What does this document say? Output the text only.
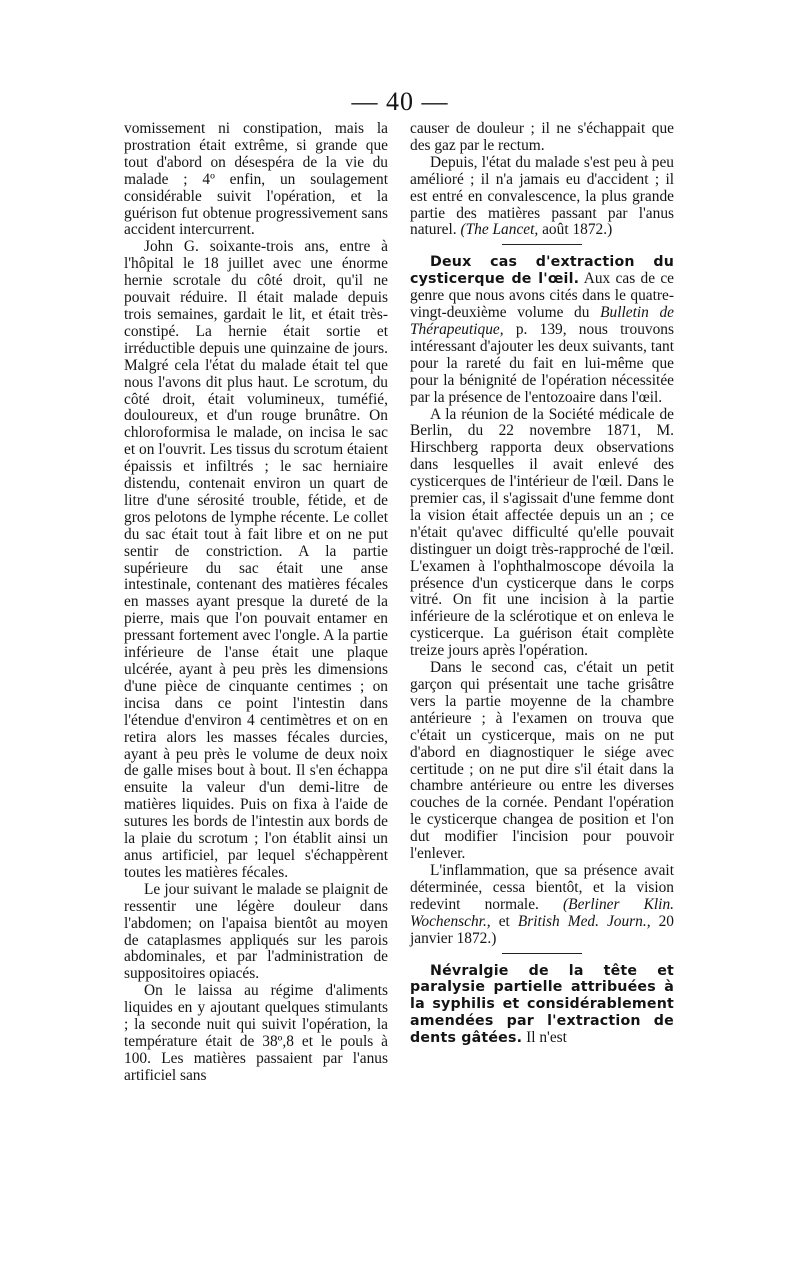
— 40 —

vomissement ni constipation, mais la prostration était extrême, si grande que tout d'abord on désespéra de la vie du malade ; 4º enfin, un soulagement considérable suivit l'opération, et la guérison fut obtenue progressivement sans accident intercurrent.

John G. soixante-trois ans, entre à l'hôpital le 18 juillet avec une énorme hernie scrotale du côté droit, qu'il ne pouvait réduire. Il était malade depuis trois semaines, gardait le lit, et était très-constipé. La hernie était sortie et irréductible depuis une quinzaine de jours. Malgré cela l'état du malade était tel que nous l'avons dit plus haut. Le scrotum, du côté droit, était volumineux, tuméfié, douloureux, et d'un rouge brunâtre. On chloroformisa le malade, on incisa le sac et on l'ouvrit. Les tissus du scrotum étaient épaissis et infiltrés ; le sac herniaire distendu, contenait environ un quart de litre d'une sérosité trouble, fétide, et de gros pelotons de lymphe récente. Le collet du sac était tout à fait libre et on ne put sentir de constriction. A la partie supérieure du sac était une anse intestinale, contenant des matières fécales en masses ayant presque la dureté de la pierre, mais que l'on pouvait entamer en pressant fortement avec l'ongle. A la partie inférieure de l'anse était une plaque ulcérée, ayant à peu près les dimensions d'une pièce de cinquante centimes ; on incisa dans ce point l'intestin dans l'étendue d'environ 4 centimètres et on en retira alors les masses fécales durcies, ayant à peu près le volume de deux noix de galle mises bout à bout. Il s'en échappa ensuite la valeur d'un demi-litre de matières liquides. Puis on fixa à l'aide de sutures les bords de l'intestin aux bords de la plaie du scrotum ; l'on établit ainsi un anus artificiel, par lequel s'échappèrent toutes les matières fécales.

Le jour suivant le malade se plaignit de ressentir une légère douleur dans l'abdomen; on l'apaisa bientôt au moyen de cataplasmes appliqués sur les parois abdominales, et par l'administration de suppositoires opiacés.

On le laissa au régime d'aliments liquides en y ajoutant quelques stimulants ; la seconde nuit qui suivit l'opération, la température était de 38º,8 et le pouls à 100. Les matières passaient par l'anus artificiel sans

causer de douleur ; il ne s'échappait que des gaz par le rectum.

Depuis, l'état du malade s'est peu à peu amélioré ; il n'a jamais eu d'accident ; il est entré en convalescence, la plus grande partie des matières passant par l'anus naturel. (The Lancet, août 1872.)

Deux cas d'extraction du cysticerque de l'œil. Aux cas de ce genre que nous avons cités dans le quatre-vingt-deuxième volume du Bulletin de Thérapeutique, p. 139, nous trouvons intéressant d'ajouter les deux suivants, tant pour la rareté du fait en lui-même que pour la bénignité de l'opération nécessitée par la présence de l'entozoaire dans l'œil.

A la réunion de la Société médicale de Berlin, du 22 novembre 1871, M. Hirschberg rapporta deux observations dans lesquelles il avait enlevé des cysticerques de l'intérieur de l'œil. Dans le premier cas, il s'agissait d'une femme dont la vision était affectée depuis un an ; ce n'était qu'avec difficulté qu'elle pouvait distinguer un doigt très-rapproché de l'œil. L'examen à l'ophthalmoscope dévoila la présence d'un cysticerque dans le corps vitré. On fit une incision à la partie inférieure de la sclérotique et on enleva le cysticerque. La guérison était complète treize jours après l'opération.

Dans le second cas, c'était un petit garçon qui présentait une tache grisâtre vers la partie moyenne de la chambre antérieure ; à l'examen on trouva que c'était un cysticerque, mais on ne put d'abord en diagnostiquer le siége avec certitude ; on ne put dire s'il était dans la chambre antérieure ou entre les diverses couches de la cornée. Pendant l'opération le cysticerque changea de position et l'on dut modifier l'incision pour pouvoir l'enlever.

L'inflammation, que sa présence avait déterminée, cessa bientôt, et la vision redevint normale. (Berliner Klin. Wochenschr., et British Med. Journ., 20 janvier 1872.)

Névralgie de la tête et paralysie partielle attribuées à la syphilis et considérablement amendées par l'extraction de dents gâtées. Il n'est
